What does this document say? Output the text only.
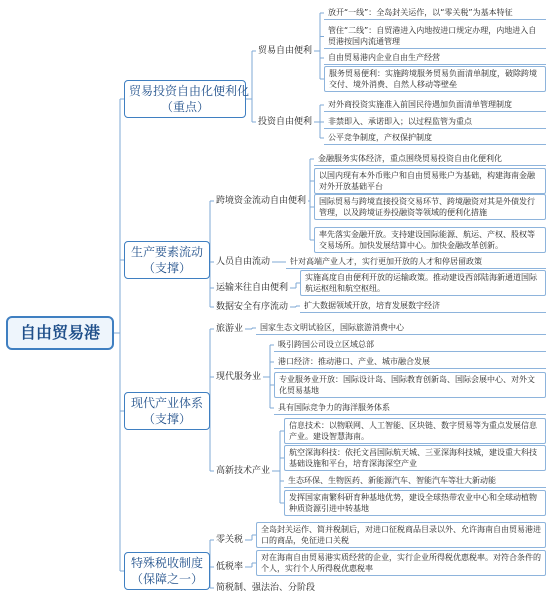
自由贸易港
贸易投资自由化便利化
（重点）
贸易自由便利
放开“一线”：全岛封关运作，以“零关税”为基本特征
管住“二线”：自贸港进入内地按进口规定办理，内地进入自贸港按国内流通管理
自由贸易港内企业自由生产经营
服务贸易便利：实施跨境服务贸易负面清单制度，破除跨境交付、境外消费、自然人移动等壁垒
投资自由便利
对外商投资实施准入前国民待遇加负面清单管理制度
非禁即入、承诺即入；以过程监管为重点
公平竞争制度，产权保护制度
生产要素流动
（支撑）
跨境资金流动自由便利
金融服务实体经济，重点围绕贸易投资自由化便利化
以国内现有本外币账户和自由贸易账户为基础，构建海南金融对外开放基础平台
国际贸易与跨境直接投资交易环节、跨境融资对其是外债发行管理，以及跨境证券投融资等领域的便利化措施
率先落实金融开放。支持建设国际能源、航运、产权、股权等交易场所。加快发展结算中心。加快金融改革创新。
人员自由流动	针对高端产业人才，实行更加开放的人才和停居留政策
运输来往自由便利
实施高度自由便利开放的运输政策。推动建设西部陆海新通道国际航运枢纽和航空枢纽。
数据安全有序流动	扩大数据领域开放，培育发展数字经济
现代产业体系
（支撑）
旅游业	国家生态文明试验区，国际旅游消费中心
现代服务业
吸引跨国公司设立区域总部
港口经济：推动港口、产业、城市融合发展
专业服务业开放：国际设计岛、国际教育创新岛、国际会展中心、对外文化贸易基地
具有国际竞争力的海洋服务体系
高新技术产业
信息技术：以物联网、人工智能、区块链、数字贸易等为重点发展信息产业。建设智慧海南。
航空深海科技：依托文昌国际航天城、三亚深海科技城，建设重大科技基础设施和平台，培育深海深空产业
生态环保、生物医药、新能源汽车、智能汽车等壮大新动能
发挥国家南繁科研育种基地优势，建设全球热带农业中心和全球动植物种质资源引进中转基地
特殊税收制度
（保障之一）
零关税
全岛封关运作、简并税制后，对进口征税商品目录以外、允许海南自由贸易港进口的商品，免征进口关税
低税率
对在海南自由贸易港实质经营的企业，实行企业所得税优惠税率。对符合条件的个人，实行个人所得税优惠税率
简税制、强法治、分阶段
